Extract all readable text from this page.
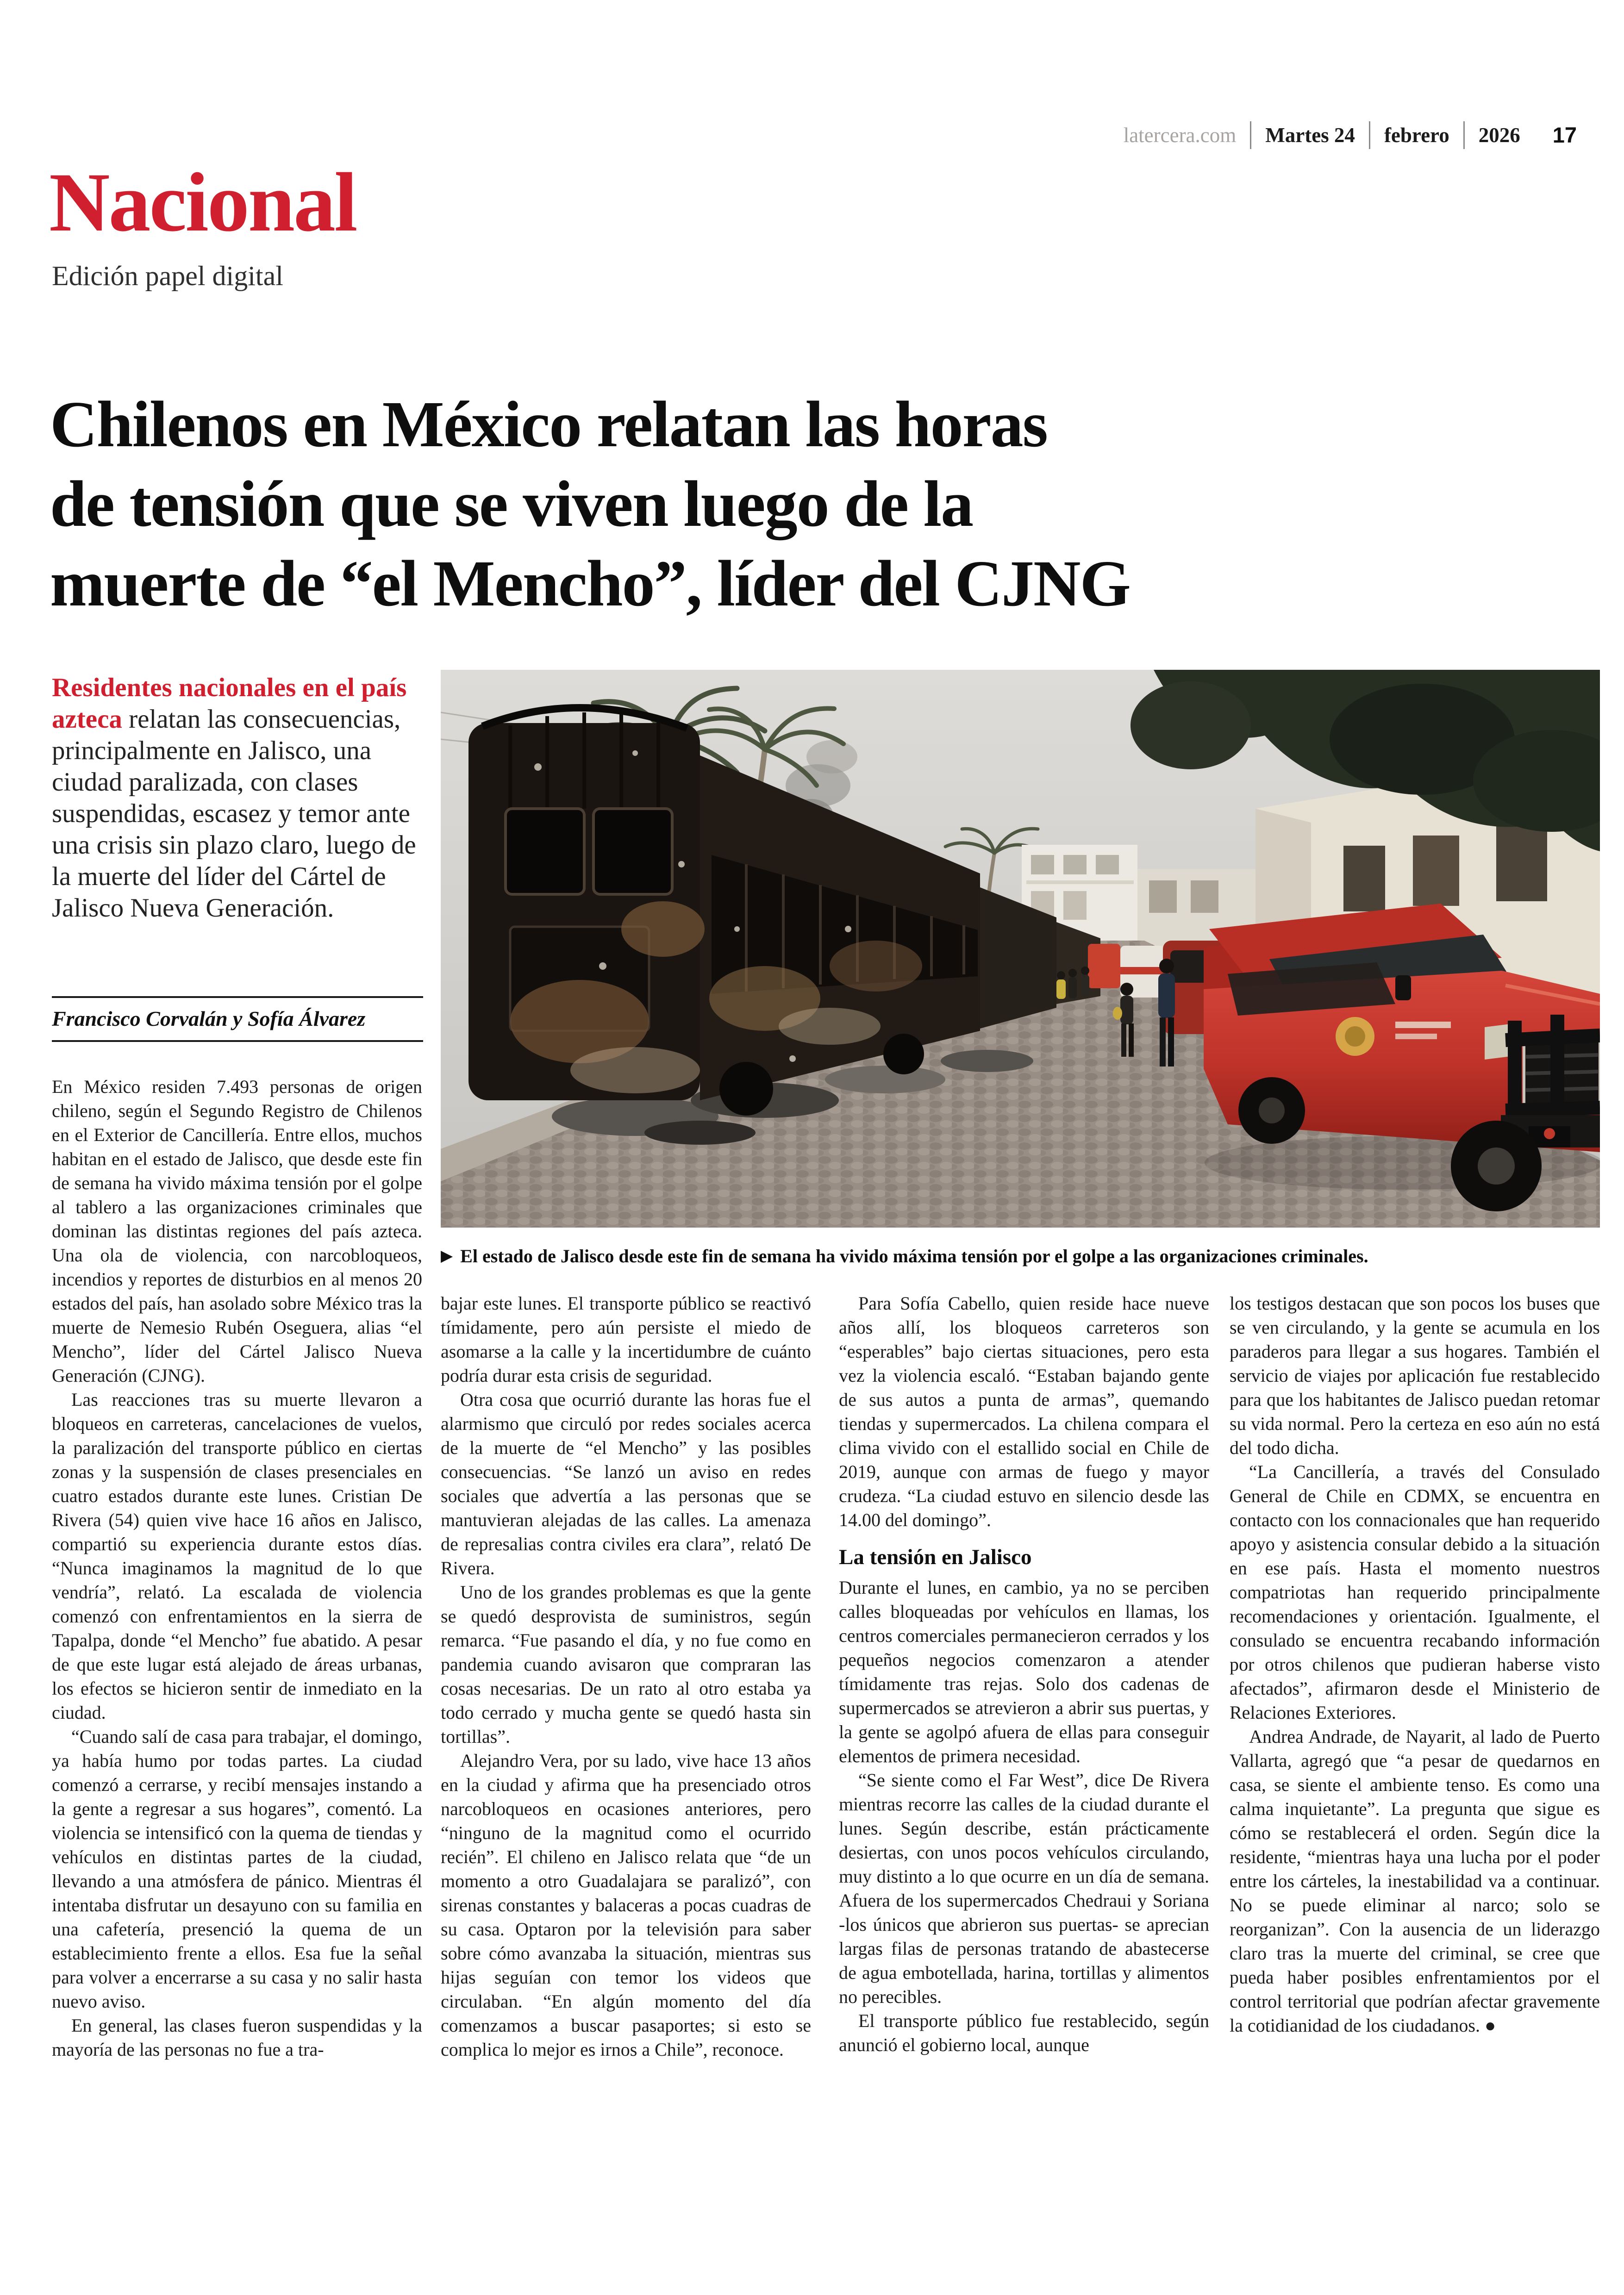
latercera.com	Martes 24	febrero	2026	17
Nacional
Edición papel digital
Chilenos en México relatan las horas
de tensión que se viven luego de la
muerte de “el Mencho”, líder del CJNG
Residentes nacionales en el país azteca relatan las consecuencias, principalmente en Jalisco, una ciudad paralizada, con clases suspendidas, escasez y temor ante una crisis sin plazo claro, luego de la muerte del líder del Cártel de Jalisco Nueva Generación.
Francisco Corvalán y Sofía Álvarez
▶ El estado de Jalisco desde este fin de semana ha vivido máxima tensión por el golpe a las organizaciones criminales.

En México residen 7.493 personas de origen chileno, según el Segundo Registro de Chilenos en el Exterior de Cancillería. Entre ellos, muchos habitan en el estado de Jalisco, que desde este fin de semana ha vivido máxima tensión por el golpe al tablero a las organizaciones criminales que dominan las distintas regiones del país azteca. Una ola de violencia, con narcobloqueos, incendios y reportes de disturbios en al menos 20 estados del país, han asolado sobre México tras la muerte de Nemesio Rubén Oseguera, alias “el Mencho”, líder del Cártel Jalisco Nueva Generación (CJNG).

Las reacciones tras su muerte llevaron a bloqueos en carreteras, cancelaciones de vuelos, la paralización del transporte público en ciertas zonas y la suspensión de clases presenciales en cuatro estados durante este lunes. Cristian De Rivera (54) quien vive hace 16 años en Jalisco, compartió su experiencia durante estos días. “Nunca imaginamos la magnitud de lo que vendría”, relató. La escalada de violencia comenzó con enfrentamientos en la sierra de Tapalpa, donde “el Mencho” fue abatido. A pesar de que este lugar está alejado de áreas urbanas, los efectos se hicieron sentir de inmediato en la ciudad.

“Cuando salí de casa para trabajar, el domingo, ya había humo por todas partes. La ciudad comenzó a cerrarse, y recibí mensajes instando a la gente a regresar a sus hogares”, comentó. La violencia se intensificó con la quema de tiendas y vehículos en distintas partes de la ciudad, llevando a una atmósfera de pánico. Mientras él intentaba disfrutar un desayuno con su familia en una cafetería, presenció la quema de un establecimiento frente a ellos. Esa fue la señal para volver a encerrarse a su casa y no salir hasta nuevo aviso.

En general, las clases fueron suspendidas y la mayoría de las personas no fue a tra-

bajar este lunes. El transporte público se reactivó tímidamente, pero aún persiste el miedo de asomarse a la calle y la incertidumbre de cuánto podría durar esta crisis de seguridad.

Otra cosa que ocurrió durante las horas fue el alarmismo que circuló por redes sociales acerca de la muerte de “el Mencho” y las posibles consecuencias. “Se lanzó un aviso en redes sociales que advertía a las personas que se mantuvieran alejadas de las calles. La amenaza de represalias contra civiles era clara”, relató De Rivera.

Uno de los grandes problemas es que la gente se quedó desprovista de suministros, según remarca. “Fue pasando el día, y no fue como en pandemia cuando avisaron que compraran las cosas necesarias. De un rato al otro estaba ya todo cerrado y mucha gente se quedó hasta sin tortillas”.

Alejandro Vera, por su lado, vive hace 13 años en la ciudad y afirma que ha presenciado otros narcobloqueos en ocasiones anteriores, pero “ninguno de la magnitud como el ocurrido recién”. El chileno en Jalisco relata que “de un momento a otro Guadalajara se paralizó”, con sirenas constantes y balaceras a pocas cuadras de su casa. Optaron por la televisión para saber sobre cómo avanzaba la situación, mientras sus hijas seguían con temor los videos que circulaban. “En algún momento del día comenzamos a buscar pasaportes; si esto se complica lo mejor es irnos a Chile”, reconoce.

Para Sofía Cabello, quien reside hace nueve años allí, los bloqueos carreteros son “esperables” bajo ciertas situaciones, pero esta vez la violencia escaló. “Estaban bajando gente de sus autos a punta de armas”, quemando tiendas y supermercados. La chilena compara el clima vivido con el estallido social en Chile de 2019, aunque con armas de fuego y mayor crudeza. “La ciudad estuvo en silencio desde las 14.00 del domingo”.

La tensión en Jalisco

Durante el lunes, en cambio, ya no se perciben calles bloqueadas por vehículos en llamas, los centros comerciales permanecieron cerrados y los pequeños negocios comenzaron a atender tímidamente tras rejas. Solo dos cadenas de supermercados se atrevieron a abrir sus puertas, y la gente se agolpó afuera de ellas para conseguir elementos de primera necesidad.

“Se siente como el Far West”, dice De Rivera mientras recorre las calles de la ciudad durante el lunes. Según describe, están prácticamente desiertas, con unos pocos vehículos circulando, muy distinto a lo que ocurre en un día de semana. Afuera de los supermercados Chedraui y Soriana -los únicos que abrieron sus puertas- se aprecian largas filas de personas tratando de abastecerse de agua embotellada, harina, tortillas y alimentos no perecibles.

El transporte público fue restablecido, según anunció el gobierno local, aunque

los testigos destacan que son pocos los buses que se ven circulando, y la gente se acumula en los paraderos para llegar a sus hogares. También el servicio de viajes por aplicación fue restablecido para que los habitantes de Jalisco puedan retomar su vida normal. Pero la certeza en eso aún no está del todo dicha.

“La Cancillería, a través del Consulado General de Chile en CDMX, se encuentra en contacto con los connacionales que han requerido apoyo y asistencia consular debido a la situación en ese país. Hasta el momento nuestros compatriotas han requerido principalmente recomendaciones y orientación. Igualmente, el consulado se encuentra recabando información por otros chilenos que pudieran haberse visto afectados”, afirmaron desde el Ministerio de Relaciones Exteriores.

Andrea Andrade, de Nayarit, al lado de Puerto Vallarta, agregó que “a pesar de quedarnos en casa, se siente el ambiente tenso. Es como una calma inquietante”. La pregunta que sigue es cómo se restablecerá el orden. Según dice la residente, “mientras haya una lucha por el poder entre los cárteles, la inestabilidad va a continuar. No se puede eliminar al narco; solo se reorganizan”. Con la ausencia de un liderazgo claro tras la muerte del criminal, se cree que pueda haber posibles enfrentamientos por el control territorial que podrían afectar gravemente la cotidianidad de los ciudadanos. ●
